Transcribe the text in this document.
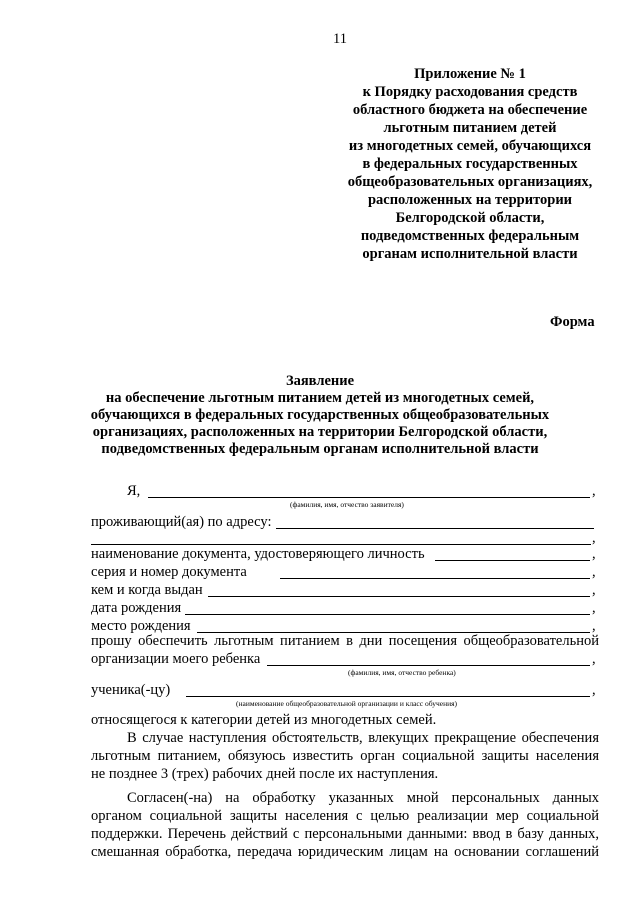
11
Приложение № 1
к Порядку расходования средств
областного бюджета на обеспечение
льготным питанием детей
из многодетных семей, обучающихся
в федеральных государственных
общеобразовательных организациях,
расположенных на территории
Белгородской области,
подведомственных федеральным
органам исполнительной власти
Форма
Заявление
на обеспечение льготным питанием детей из многодетных семей,
обучающихся в федеральных государственных общеобразовательных
организациях, расположенных на территории Белгородской области,
подведомственных федеральным органам исполнительной власти
Я,	,
(фамилия, имя, отчество заявителя)
проживающий(ая) по адресу:
,
наименование документа, удостоверяющего личность	,
серия и номер документа	,
кем и когда выдан	,
дата рождения	,
место рождения	,
прошу обеспечить льготным питанием в дни посещения общеобразовательной
организации моего ребенка	,
(фамилия, имя, отчество ребенка)
ученика(-цу)	,
(наименование общеобразовательной организации и класс обучения)
относящегося к категории детей из многодетных семей.
В случае наступления обстоятельств, влекущих прекращение обеспечения
льготным питанием, обязуюсь известить орган социальной защиты населения
не позднее 3 (трех) рабочих дней после их наступления.
Согласен(-на) на обработку указанных мной персональных данных
органом социальной защиты населения с целью реализации мер социальной
поддержки. Перечень действий с персональными данными: ввод в базу данных,
смешанная обработка, передача юридическим лицам на основании соглашений
